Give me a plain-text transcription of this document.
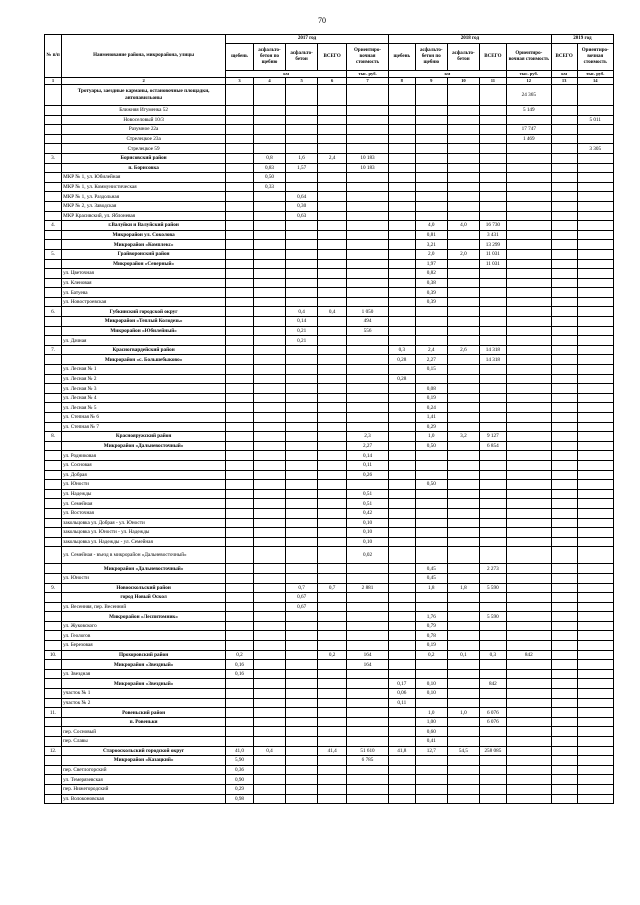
70
№ п/п	Наименование района, микрорайона, улицы	2017 год					2018 год					2019 год	
		щебень	асфальто-бетон по щебню	асфальто-бетон	ВСЕГО	Ориентиро-вочная стоимость	щебень	асфальто-бетон по щебню	асфальто-бетон	ВСЕГО	Ориентиро-вочная стоимость	ВСЕГО	Ориентиро-вочная стоимость
		км				тыс. руб.	км				тыс. руб.	км	тыс. руб.
1	2	3	4	5	6	7	8	9	10	11	12	13	14
	Тротуары, заездные карманы, остановочные площадки, автопавильоны										24 365		
	Ближняя Игуменка 52										5 149		
	Новоселовый 10/3												5 011
	Разумное 22а										17 747		
	Стрелецкое 23а										1 469		
	Стрелецкое 59												3 305
3.	Борисовский район		0,8	1,6	2,4	10 183							
	п. Борисовка		0,83	1,57		10 183							
	МКР № 1, ул. Юбилейная		0,50										
	МКР № 1, ул. Коммунистическая		0,33										
	МКР № 1, ул. Раздольная			0,64									
	МКР № 2, ул. Заводская			0,30									
	МКР Красивский, ул. Яблоневая			0,63									
4.	г.Валуйки и Валуйский район							4,0	4,0	16 730			
	Микрорайон ул. Соколова							0,81		3 431			
	Микрорайон «Комплекс»							3,21		13 299			
5.	Грайворонский район							2,0	2,0	11 031			
	Микрорайон «Северный»							1,97		11 031			
	ул. Цветочная							0,82					
	ул. Кленовая							0,38					
	ул. Батуева							0,39					
	ул. Новостроевская							0,39					
6.	Губкинский городской округ			0,4	0,4	1 050							
	Микрорайон «Теплый Колодезь»			0,14		494							
	Микрорайон «Юбилейный»			0,21		556							
	ул. Дачная			0,21									
7.	Красногвардейский район						0,3	2,4	2,6	14 318			
	Микрорайон «с. Большебыково»						0,28	2,27		14 318			
	ул. Лесная № 1							0,15					
	ул. Лесная № 2						0,28						
	ул. Лесная № 3							0,08					
	ул. Лесная № 4							0,19					
	ул. Лесная № 5							0,24					
	ул. Степная № 6							1,41					
	ул. Степная № 7							0,29					
8.	Краснояружский район					2,3		1,0	3,2	9 127			
	Микрорайон «Дальневосточный»					2,27		0,50		6 854			
	ул. Родниковая					0,14							
	ул. Сосновая					0,11							
	ул. Добрая					0,26							
	ул. Юности							0,50					
	ул. Надежды					0,51							
	ул. Семейная					0,51							
	ул. Восточная					0,42							
	закольцовка ул. Добрая - ул. Юности					0,10							
	закольцовка ул. Юности - ул. Надежды					0,10							
	закольцовка ул. Надежды - ул. Семейная					0,10							
	ул. Семейная - въезд в микрорайон «Дальневосточный»					0,02							
	Микрорайон «Дальневосточный»							0,45		2 273			
	ул. Юности							0,45					
9.	Новооскольский район			0,7	0,7	2 881		1,8	1,8	5 590			
	город Новый Оскол			0,67									
	ул. Весенняя, пер. Весенний			0,67									
	Микрорайон «Леспитомник»							1,76		5 590			
	ул. Жуковского							0,79					
	ул. Геологов							0,78					
	ул. Березовая							0,19					
10.	Прохоровский район	0,2			0,2	164		0,2	0,1	0,3	842		
	Микрорайон «Звездный»	0,16				164							
	ул. Звездная	0,16											
	Микрорайон «Звездный»						0,17	0,10		842			
	участок № 1						0,06	0,10					
	участок № 2						0,11						
11.	Ровеньский район							1,0	1,0	6 076			
	п. Ровеньки							1,00		6 076			
	пер. Сосновый							0,60					
	пер. Славы							0,41					
12.	Старооскольский городской округ	41,0	0,4		41,4	51 610	41,8	12,7	54,5	258 085			
	Микрорайон «Казацкий»	5,90				6 785							
	пер. Светлогорский	0,36											
	ул. Темерязевская	0,90											
	пер. Нижегородский	0,29											
	ул. Волоконовская	0,98											
